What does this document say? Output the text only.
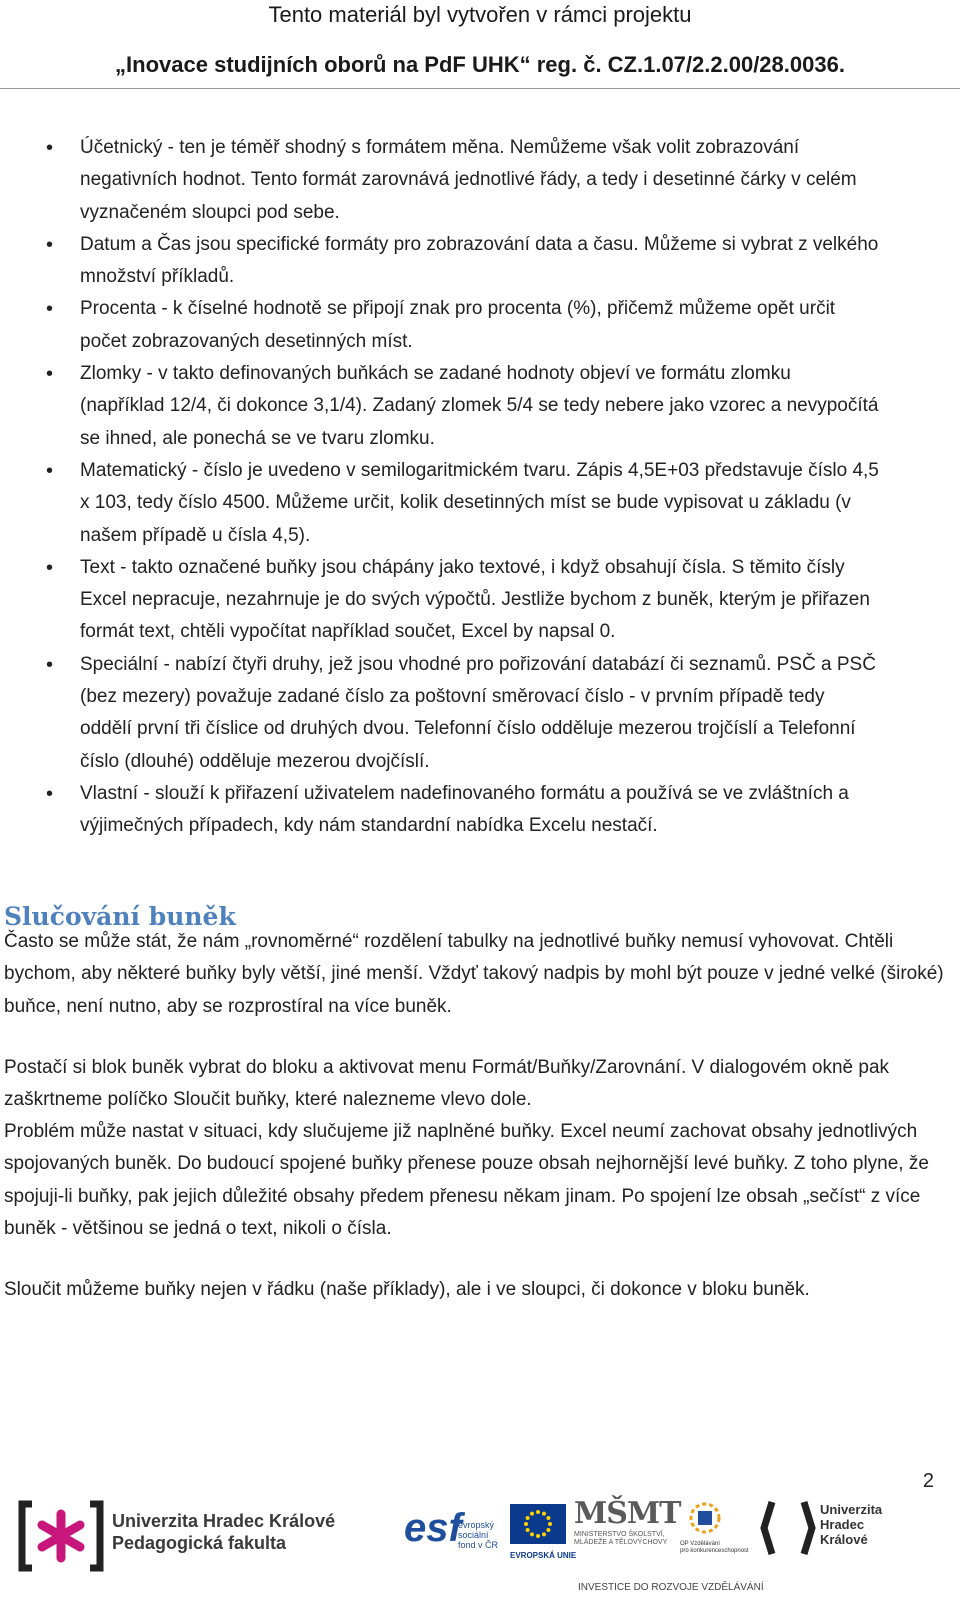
Tento materiál byl vytvořen v rámci projektu
„Inovace studijních oborů na PdF UHK“ reg. č. CZ.1.07/2.2.00/28.0036.
• Účetnický - ten je téměř shodný s formátem měna. Nemůžeme však volit zobrazování negativních hodnot. Tento formát zarovnává jednotlivé řády, a tedy i desetinné čárky v celém vyznačeném sloupci pod sebe.
• Datum a Čas jsou specifické formáty pro zobrazování data a času. Můžeme si vybrat z velkého množství příkladů.
• Procenta - k číselné hodnotě se připojí znak pro procenta (%), přičemž můžeme opět určit počet zobrazovaných desetinných míst.
• Zlomky - v takto definovaných buňkách se zadané hodnoty objeví ve formátu zlomku (například 12/4, či dokonce 3,1/4). Zadaný zlomek 5/4 se tedy nebere jako vzorec a nevypočítá se ihned, ale ponechá se ve tvaru zlomku.
• Matematický - číslo je uvedeno v semilogaritmickém tvaru. Zápis 4,5E+03 představuje číslo 4,5 x 103, tedy číslo 4500. Můžeme určit, kolik desetinných míst se bude vypisovat u základu (v našem případě u čísla 4,5).
• Text - takto označené buňky jsou chápány jako textové, i když obsahují čísla. S těmito čísly Excel nepracuje, nezahrnuje je do svých výpočtů. Jestliže bychom z buněk, kterým je přiřazen formát text, chtěli vypočítat například součet, Excel by napsal 0.
• Speciální - nabízí čtyři druhy, jež jsou vhodné pro pořizování databází či seznamů. PSČ a PSČ (bez mezery) považuje zadané číslo za poštovní směrovací číslo - v prvním případě tedy oddělí první tři číslice od druhých dvou. Telefonní číslo odděluje mezerou trojčíslí a Telefonní číslo (dlouhé) odděluje mezerou dvojčíslí.
• Vlastní - slouží k přiřazení uživatelem nadefinovaného formátu a používá se ve zvláštních a výjimečných případech, kdy nám standardní nabídka Excelu nestačí.
Slučování buněk

Často se může stát, že nám „rovnoměrné“ rozdělení tabulky na jednotlivé buňky nemusí vyhovovat. Chtěli bychom, aby některé buňky byly větší, jiné menší. Vždyť takový nadpis by mohl být pouze v jedné velké (široké) buňce, není nutno, aby se rozprostíral na více buněk.

Postačí si blok buněk vybrat do bloku a aktivovat menu Formát/Buňky/Zarovnání. V dialogovém okně pak zaškrtneme políčko Sloučit buňky, které nalezneme vlevo dole.

Problém může nastat v situaci, kdy slučujeme již naplněné buňky. Excel neumí zachovat obsahy jednotlivých spojovaných buněk. Do budoucí spojené buňky přenese pouze obsah nejhornější levé buňky. Z toho plyne, že spojuji-li buňky, pak jejich důležité obsahy předem přenesu někam jinam. Po spojení lze obsah „sečíst“ z více buněk - většinou se jedná o text, nikoli o čísla.

Sloučit můžeme buňky nejen v řádku (naše příklady), ale i ve sloupci, či dokonce v bloku buněk.

2
Univerzita Hradec Králové
Pedagogická fakulta	esf
evropský
sociální
fond v ČR
EVROPSKÁ UNIE
MŠMT
MINISTERSTVO ŠKOLSTVÍ,
MLÁDEŽE A TĚLOVÝCHOVY	OP Vzdělávání
pro konkurenceschopnost
Univerzita
Hradec
Králové
INVESTICE DO ROZVOJE VZDĚLÁVÁNÍ
